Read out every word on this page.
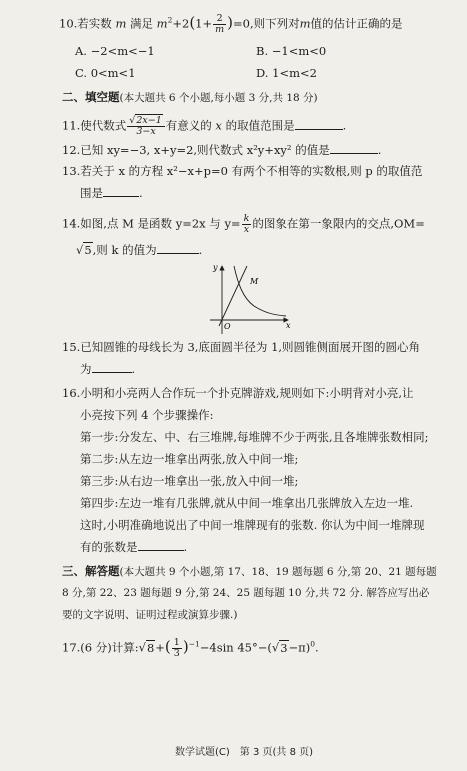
10.若实数 m 满足 $m^2+2(1+ \frac{2}{m} )=0$,则下列对m值的估计正确的是
A. −2<m<−1	B. −1<m<0
C. 0<m<1	D. 1<m<2
二、填空题(本大题共 6 个小题,每小题 3 分,共 18 分)
11.使代数式 $\frac{√2x-1}{3-x}$ 有意义的 x 的取值范围是	.
12.已知 xy=−3, x+y=2,则代数式 x²y+xy² 的值是	.
13.若关于 x 的方程 x²−x+p=0 有两个不相等的实数根,则 p 的取值范
围是	.
14.如图,点 M 是函数 y=2x 与 $y= \frac{k}{x}$ 的图象在第一象限内的交点,OM=
√5,则 k 的值为	.
y
x
O
M
15.已知圆锥的母线长为 3,底面圆半径为 1,则圆锥侧面展开图的圆心角
为	.
16.小明和小亮两人合作玩一个扑克牌游戏,规则如下:小明背对小亮,让
小亮按下列 4 个步骤操作:
第一步:分发左、中、右三堆牌,每堆牌不少于两张,且各堆牌张数相同;
第二步:从左边一堆拿出两张,放入中间一堆;
第三步:从右边一堆拿出一张,放入中间一堆;
第四步:左边一堆有几张牌,就从中间一堆拿出几张牌放入左边一堆.
这时,小明准确地说出了中间一堆牌现有的张数. 你认为中间一堆牌现
有的张数是	.
三、解答题(本大题共 9 个小题,第 17、18、19 题每题 6 分,第 20、21 题每题
8 分,第 22、23 题每题 9 分,第 24、25 题每题 10 分,共 72 分. 解答应写出必
要的文字说明、证明过程或演算步骤.)
17.(6 分)计算:√8+( $\frac{1}{3} )^{-1}-4\sin$ $45^\circ-(√3-\pi)^0$.
数学试题(C)　第 3 页(共 8 页)
